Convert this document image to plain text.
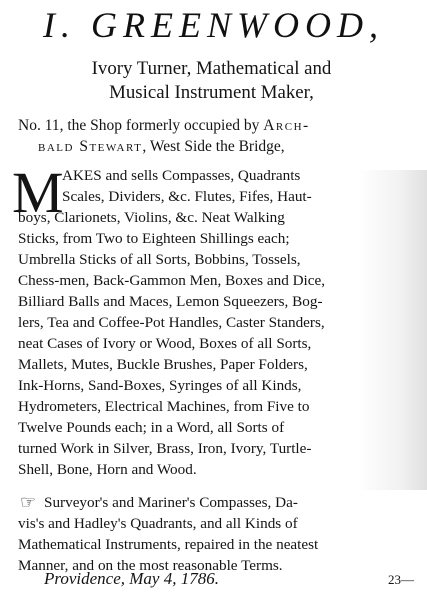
I. GREENWOOD,
Ivory Turner, Mathematical and
Musical Instrument Maker,
No. 11, the Shop formerly occupied by Arch-
bald Stewart, West Side the Bridge,
M
AKES and sells Compasses, Quadrants
Scales, Dividers, &c. Flutes, Fifes, Haut-
boys, Clarionets, Violins, &c. Neat Walking
Sticks, from Two to Eighteen Shillings each;
Umbrella Sticks of all Sorts, Bobbins, Tossels,
Chess-men, Back-Gammon Men, Boxes and Dice,
Billiard Balls and Maces, Lemon Squeezers, Bog-
lers, Tea and Coffee-Pot Handles, Caster Standers,
neat Cases of Ivory or Wood, Boxes of all Sorts,
Mallets, Mutes, Buckle Brushes, Paper Folders,
Ink-Horns, Sand-Boxes, Syringes of all Kinds,
Hydrometers, Electrical Machines, from Five to
Twelve Pounds each; in a Word, all Sorts of
turned Work in Silver, Brass, Iron, Ivory, Turtle-
Shell, Bone, Horn and Wood.
☞ Surveyor's and Mariner's Compasses, Da-
vis's and Hadley's Quadrants, and all Kinds of
Mathematical Instruments, repaired in the neatest
Manner, and on the most reasonable Terms.
Providence, May 4, 1786.	23—
